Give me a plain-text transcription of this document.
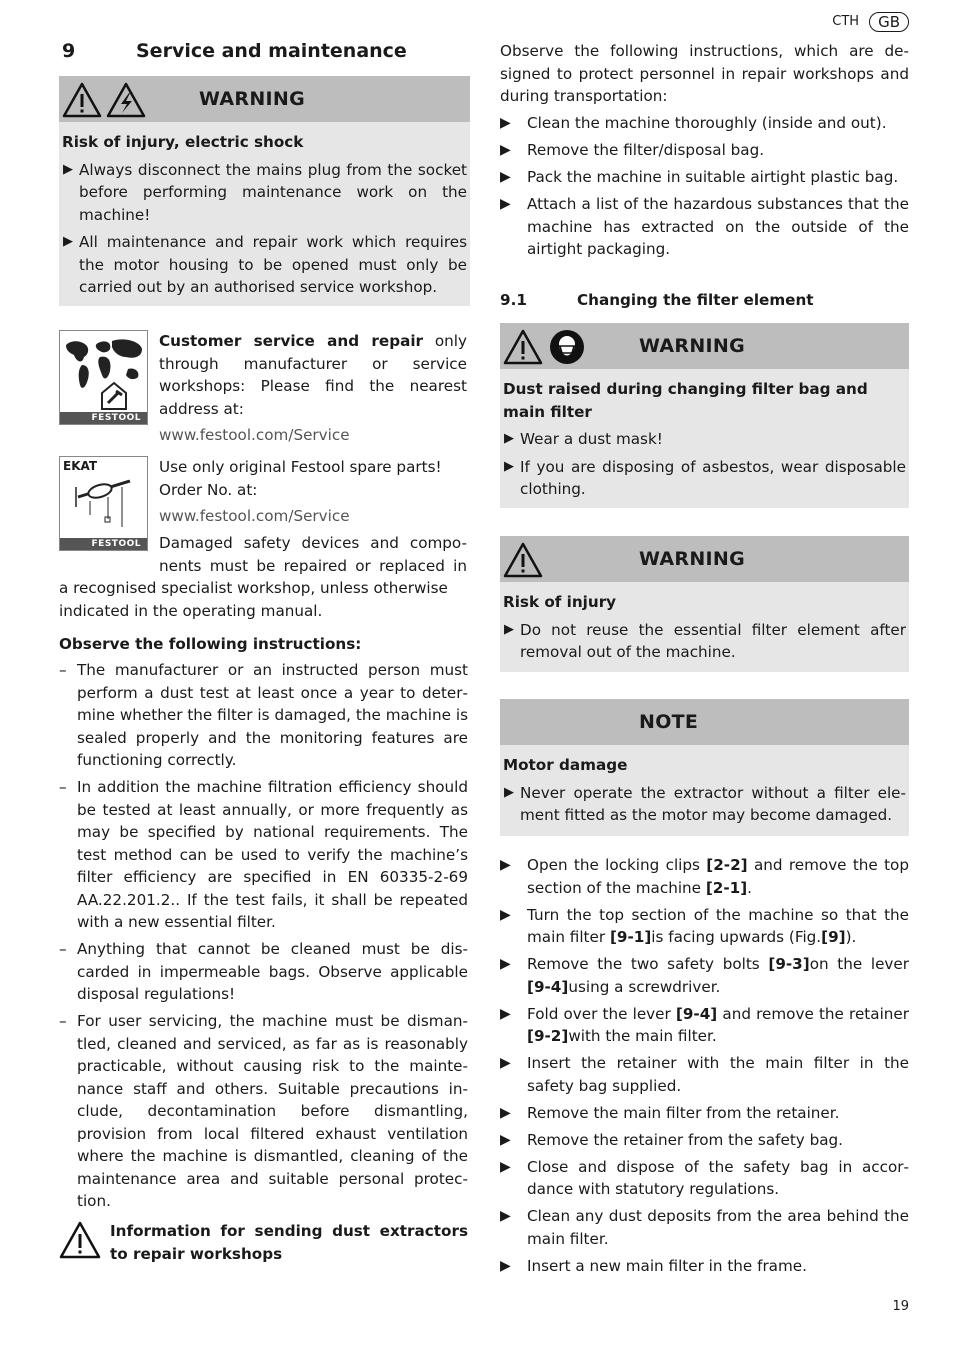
CTH	GB
9	Service and maintenance
WARNING
Risk of injury, electric shock
▶ Always disconnect the mains plug from the socket before performing maintenance work on the machine!
▶ All maintenance and repair work which requires the motor housing to be opened must only be carried out by an authorised service workshop.
FESTOOL
Customer service and repair only through manufacturer or service workshops: Please find the nearest address at:
www.festool.com/Service
EKAT
FESTOOL
Use only original Festool spare parts! Order No. at:
www.festool.com/Service
Damaged safety devices and compo-
nents must be repaired or replaced in
a recognised specialist workshop, unless otherwise indicated in the operating manual.
Observe the following instructions:
– The manufacturer or an instructed person must perform a dust test at least once a year to determine whether the filter is damaged, the machine is sealed properly and the monitoring features are functioning correctly.
– In addition the machine filtration efficiency should be tested at least annually, or more frequently as may be specified by national requirements. The test method can be used to verify the machine’s filter efficiency are specified in EN 60335-2-69 AA.22.201.2.. If the test fails, it shall be repeated with a new essential filter.
– Anything that cannot be cleaned must be discarded in impermeable bags. Observe applicable disposal regulations!
– For user servicing, the machine must be dismantled, cleaned and serviced, as far as is reasonably practicable, without causing risk to the maintenance staff and others. Suitable precautions include, decontamination before dismantling, provision from local filtered exhaust ventilation where the machine is dismantled, cleaning of the maintenance area and suitable personal protection.
Information for sending dust extractors to repair workshops
Observe the following instructions, which are designed to protect personnel in repair workshops and during transportation:
▶	Clean the machine thoroughly (inside and out).
▶	Remove the filter/disposal bag.
▶	Pack the machine in suitable airtight plastic bag.
▶	Attach a list of the hazardous substances that the machine has extracted on the outside of the airtight packaging.
9.1	Changing the filter element
WARNING
Dust raised during changing filter bag and main filter
▶ Wear a dust mask!
▶ If you are disposing of asbestos, wear disposable clothing.
WARNING
Risk of injury
▶ Do not reuse the essential filter element after removal out of the machine.
NOTE
Motor damage
▶ Never operate the extractor without a filter element fitted as the motor may become damaged.
▶	Open the locking clips [2-2] and remove the top section of the machine [2-1].
▶	Turn the top section of the machine so that the main filter [9-1]is facing upwards (Fig.[9]).
▶	Remove the two safety bolts [9-3]on the lever [9-4]using a screwdriver.
▶	Fold over the lever [9-4] and remove the retainer [9-2]with the main filter.
▶	Insert the retainer with the main filter in the safety bag supplied.
▶	Remove the main filter from the retainer.
▶	Remove the retainer from the safety bag.
▶	Close and dispose of the safety bag in accordance with statutory regulations.
▶	Clean any dust deposits from the area behind the main filter.
▶	Insert a new main filter in the frame.
19
